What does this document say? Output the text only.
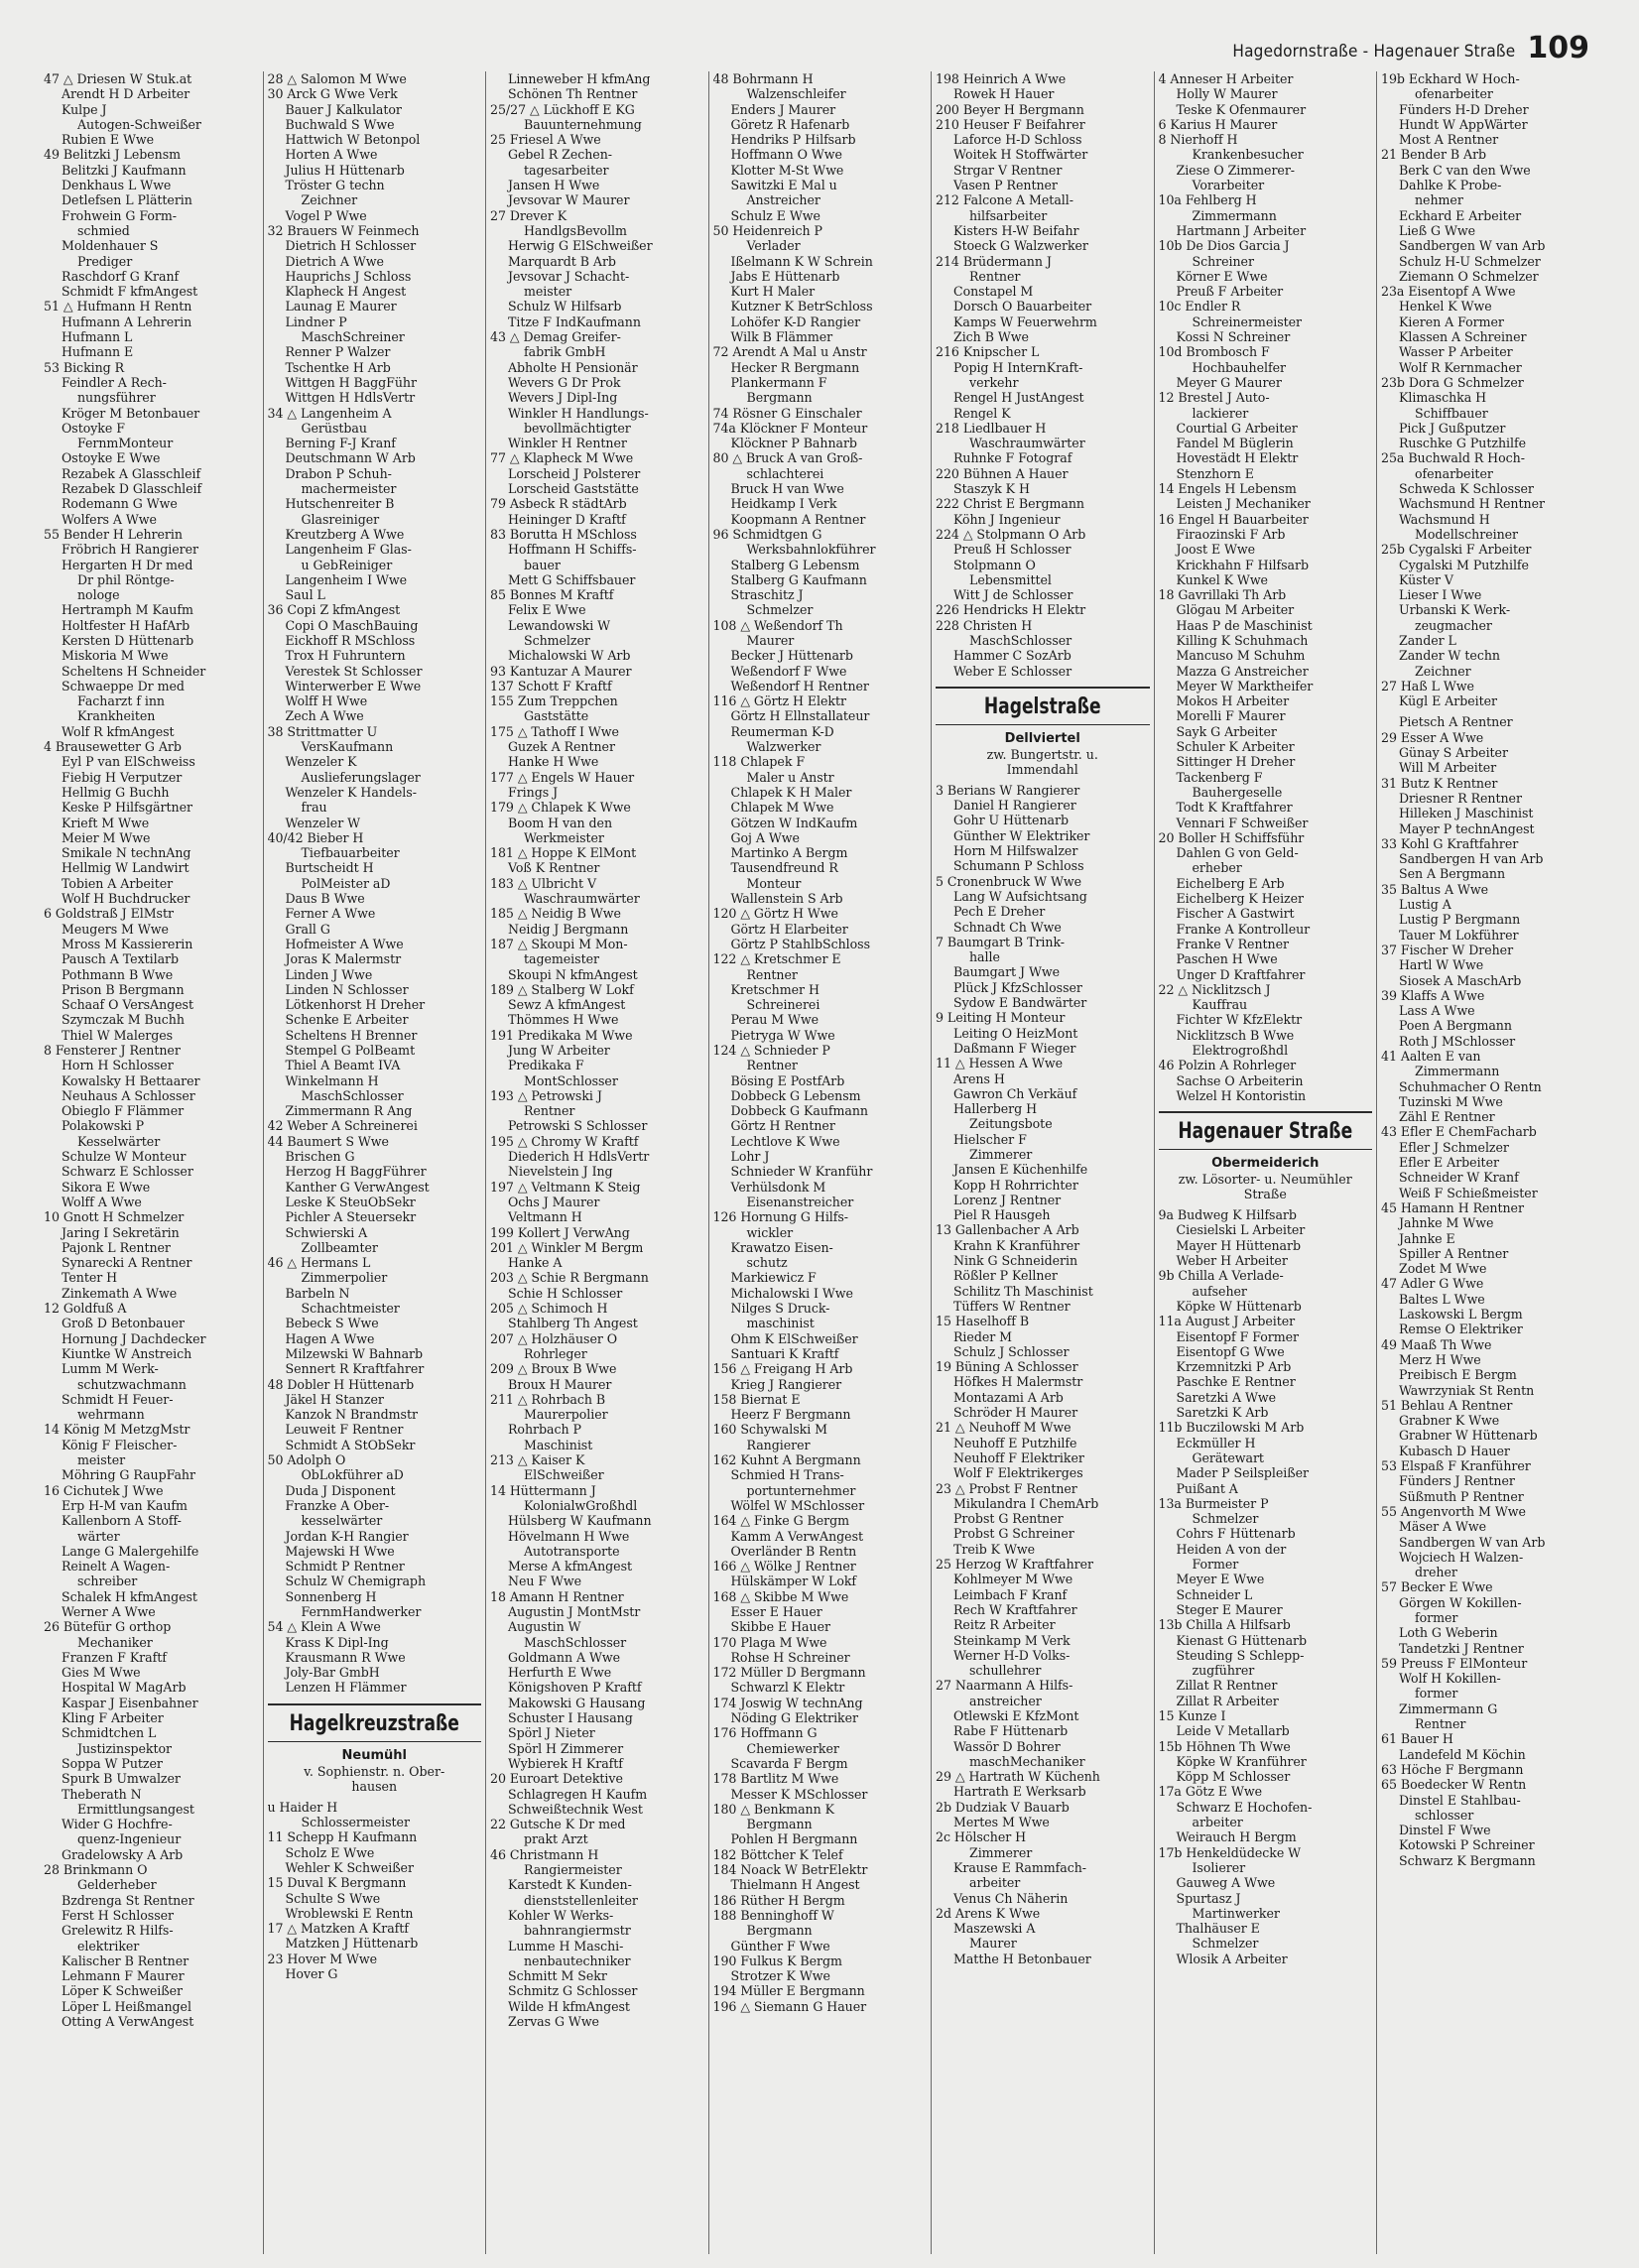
Hagedornstraße - Hagenauer Straße 109
47 △ Driesen W Stuk.at
Arendt H D Arbeiter
Kulpe J
Autogen-Schweißer
Rubien E Wwe
49 Belitzki J Lebensm
Belitzki J Kaufmann
Denkhaus L Wwe
Detlefsen L Plätterin
Frohwein G Form-
schmied
Moldenhauer S
Prediger
Raschdorf G Kranf
Schmidt F kfmAngest
51 △ Hufmann H Rentn
Hufmann A Lehrerin
Hufmann L
Hufmann E
53 Bicking R
Feindler A Rech-
nungsführer
Kröger M Betonbauer
Ostoyke F
FernmMonteur
Ostoyke E Wwe
Rezabek A Glasschleif
Rezabek D Glasschleif
Rodemann G Wwe
Wolfers A Wwe
55 Bender H Lehrerin
Fröbrich H Rangierer
Hergarten H Dr med
Dr phil Röntge-
nologe
Hertramph M Kaufm
Holtfester H HafArb
Kersten D Hüttenarb
Miskoria M Wwe
Scheltens H Schneider
Schwaeppe Dr med
Facharzt f inn
Krankheiten
Wolf R kfmAngest
4 Brausewetter G Arb
Eyl P van ElSchweiss
Fiebig H Verputzer
Hellmig G Buchh
Keske P Hilfsgärtner
Krieft M Wwe
Meier M Wwe
Smikale N technAng
Hellmig W Landwirt
Tobien A Arbeiter
Wolf H Buchdrucker
6 Goldstraß J ElMstr
Meugers M Wwe
Mross M Kassiererin
Pausch A Textilarb
Pothmann B Wwe
Prison B Bergmann
Schaaf O VersAngest
Szymczak M Buchh
Thiel W Malerges
8 Fensterer J Rentner
Horn H Schlosser
Kowalsky H Bettaarer
Neuhaus A Schlosser
Obieglo F Flämmer
Polakowski P
Kesselwärter
Schulze W Monteur
Schwarz E Schlosser
Sikora E Wwe
Wolff A Wwe
10 Gnott H Schmelzer
Jaring I Sekretärin
Pajonk L Rentner
Synarecki A Rentner
Tenter H
Zinkemath A Wwe
12 Goldfuß A
Groß D Betonbauer
Hornung J Dachdecker
Kiuntke W Anstreich
Lumm M Werk-
schutzwachmann
Schmidt H Feuer-
wehrmann
14 König M MetzgMstr
König F Fleischer-
meister
Möhring G RaupFahr
16 Cichutek J Wwe
Erp H-M van Kaufm
Kallenborn A Stoff-
wärter
Lange G Malergehilfe
Reinelt A Wagen-
schreiber
Schalek H kfmAngest
Werner A Wwe
26 Bütefür G orthop
Mechaniker
Franzen F Kraftf
Gies M Wwe
Hospital W MagArb
Kaspar J Eisenbahner
Kling F Arbeiter
Schmidtchen L
Justizinspektor
Soppa W Putzer
Spurk B Umwalzer
Theberath N
Ermittlungsangest
Wider G Hochfre-
quenz-Ingenieur
Gradelowsky A Arb
28 Brinkmann O
Gelderheber
Bzdrenga St Rentner
Ferst H Schlosser
Grelewitz R Hilfs-
elektriker
Kalischer B Rentner
Lehmann F Maurer
Löper K Schweißer
Löper L Heißmangel
Otting A VerwAngest
28 △ Salomon M Wwe
30 Arck G Wwe Verk
Bauer J Kalkulator
Buchwald S Wwe
Hattwich W Betonpol
Horten A Wwe
Julius H Hüttenarb
Tröster G techn
Zeichner
Vogel P Wwe
32 Brauers W Feinmech
Dietrich H Schlosser
Dietrich A Wwe
Hauprichs J Schloss
Klapheck H Angest
Launag E Maurer
Lindner P
MaschSchreiner
Renner P Walzer
Tschentke H Arb
Wittgen H BaggFühr
Wittgen H HdlsVertr
34 △ Langenheim A
Gerüstbau
Berning F-J Kranf
Deutschmann W Arb
Drabon P Schuh-
machermeister
Hutschenreiter B
Glasreiniger
Kreutzberg A Wwe
Langenheim F Glas-
u GebReiniger
Langenheim I Wwe
Saul L
36 Copi Z kfmAngest
Copi O MaschBauing
Eickhoff R MSchloss
Trox H Fuhruntern
Verestek St Schlosser
Winterwerber E Wwe
Wolff H Wwe
Zech A Wwe
38 Strittmatter U
VersKaufmann
Wenzeler K
Auslieferungslager
Wenzeler K Handels-
frau
Wenzeler W
40/42 Bieber H
Tiefbauarbeiter
Burtscheidt H
PolMeister aD
Daus B Wwe
Ferner A Wwe
Grall G
Hofmeister A Wwe
Joras K Malermstr
Linden J Wwe
Linden N Schlosser
Lötkenhorst H Dreher
Schenke E Arbeiter
Scheltens H Brenner
Stempel G PolBeamt
Thiel A Beamt IVA
Winkelmann H
MaschSchlosser
Zimmermann R Ang
42 Weber A Schreinerei
44 Baumert S Wwe
Brischen G
Herzog H BaggFührer
Kanther G VerwAngest
Leske K SteuObSekr
Pichler A Steuersekr
Schwierski A
Zollbeamter
46 △ Hermans L
Zimmerpolier
Barbeln N
Schachtmeister
Bebeck S Wwe
Hagen A Wwe
Milzewski W Bahnarb
Sennert R Kraftfahrer
48 Dobler H Hüttenarb
Jäkel H Stanzer
Kanzok N Brandmstr
Leuweit F Rentner
Schmidt A StObSekr
50 Adolph O
ObLokführer aD
Duda J Disponent
Franzke A Ober-
kesselwärter
Jordan K-H Rangier
Majewski H Wwe
Schmidt P Rentner
Schulz W Chemigraph
Sonnenberg H
FernmHandwerker
54 △ Klein A Wwe
Krass K Dipl-Ing
Krausmann R Wwe
Joly-Bar GmbH
Lenzen H Flämmer
Hagelkreuzstraße
Neumühl
v. Sophienstr. n. Ober-
hausen
u Haider H
Schlossermeister
11 Schepp H Kaufmann
Scholz E Wwe
Wehler K Schweißer
15 Duval K Bergmann
Schulte S Wwe
Wroblewski E Rentn
17 △ Matzken A Kraftf
Matzken J Hüttenarb
23 Hover M Wwe
Hover G
Linneweber H kfmAng
Schönen Th Rentner
25/27 △ Lückhoff E KG
Bauunternehmung
25 Friesel A Wwe
Gebel R Zechen-
tagesarbeiter
Jansen H Wwe
Jevsovar W Maurer
27 Drever K
HandlgsBevollm
Herwig G ElSchweißer
Marquardt B Arb
Jevsovar J Schacht-
meister
Schulz W Hilfsarb
Titze F IndKaufmann
43 △ Demag Greifer-
fabrik GmbH
Abholte H Pensionär
Wevers G Dr Prok
Wevers J Dipl-Ing
Winkler H Handlungs-
bevollmächtigter
Winkler H Rentner
77 △ Klapheck M Wwe
Lorscheid J Polsterer
Lorscheid Gaststätte
79 Asbeck R städtArb
Heininger D Kraftf
83 Borutta H MSchloss
Hoffmann H Schiffs-
bauer
Mett G Schiffsbauer
85 Bonnes M Kraftf
Felix E Wwe
Lewandowski W
Schmelzer
Michalowski W Arb
93 Kantuzar A Maurer
137 Schott F Kraftf
155 Zum Treppchen
Gaststätte
175 △ Tathoff I Wwe
Guzek A Rentner
Hanke H Wwe
177 △ Engels W Hauer
Frings J
179 △ Chlapek K Wwe
Boom H van den
Werkmeister
181 △ Hoppe K ElMont
Voß K Rentner
183 △ Ulbricht V
Waschraumwärter
185 △ Neidig B Wwe
Neidig J Bergmann
187 △ Skoupi M Mon-
tagemeister
Skoupi N kfmAngest
189 △ Stalberg W Lokf
Sewz A kfmAngest
Thömmes H Wwe
191 Predikaka M Wwe
Jung W Arbeiter
Predikaka F
MontSchlosser
193 △ Petrowski J
Rentner
Petrowski S Schlosser
195 △ Chromy W Kraftf
Diederich H HdlsVertr
Nievelstein J Ing
197 △ Veltmann K Steig
Ochs J Maurer
Veltmann H
199 Kollert J VerwAng
201 △ Winkler M Bergm
Hanke A
203 △ Schie R Bergmann
Schie H Schlosser
205 △ Schimoch H
Stahlberg Th Angest
207 △ Holzhäuser O
Rohrleger
209 △ Broux B Wwe
Broux H Maurer
211 △ Rohrbach B
Maurerpolier
Rohrbach P
Maschinist
213 △ Kaiser K
ElSchweißer
14 Hüttermann J
KolonialwGroßhdl
Hülsberg W Kaufmann
Hövelmann H Wwe
Autotransporte
Merse A kfmAngest
Neu F Wwe
18 Amann H Rentner
Augustin J MontMstr
Augustin W
MaschSchlosser
Goldmann A Wwe
Herfurth E Wwe
Königshoven P Kraftf
Makowski G Hausang
Schuster I Hausang
Spörl J Nieter
Spörl H Zimmerer
Wybierek H Kraftf
20 Euroart Detektive
Schlagregen H Kaufm
Schweißtechnik West
22 Gutsche K Dr med
prakt Arzt
46 Christmann H
Rangiermeister
Karstedt K Kunden-
dienststellenleiter
Kohler W Werks-
bahnrangiermstr
Lumme H Maschi-
nenbautechniker
Schmitt M Sekr
Schmitz G Schlosser
Wilde H kfmAngest
Zervas G Wwe
48 Bohrmann H
Walzenschleifer
Enders J Maurer
Göretz R Hafenarb
Hendriks P Hilfsarb
Hoffmann O Wwe
Klotter M-St Wwe
Sawitzki E Mal u
Anstreicher
Schulz E Wwe
50 Heidenreich P
Verlader
Ißelmann K W Schrein
Jabs E Hüttenarb
Kurt H Maler
Kutzner K BetrSchloss
Lohöfer K-D Rangier
Wilk B Flämmer
72 Arendt A Mal u Anstr
Hecker R Bergmann
Plankermann F
Bergmann
74 Rösner G Einschaler
74a Klöckner F Monteur
Klöckner P Bahnarb
80 △ Bruck A van Groß-
schlachterei
Bruck H van Wwe
Heidkamp I Verk
Koopmann A Rentner
96 Schmidtgen G
Werksbahnlokführer
Stalberg G Lebensm
Stalberg G Kaufmann
Straschitz J
Schmelzer
108 △ Weßendorf Th
Maurer
Becker J Hüttenarb
Weßendorf F Wwe
Weßendorf H Rentner
116 △ Görtz H Elektr
Görtz H Ellnstallateur
Reumerman K-D
Walzwerker
118 Chlapek F
Maler u Anstr
Chlapek K H Maler
Chlapek M Wwe
Götzen W IndKaufm
Goj A Wwe
Martinko A Bergm
Tausendfreund R
Monteur
Wallenstein S Arb
120 △ Görtz H Wwe
Görtz H Elarbeiter
Görtz P StahlbSchloss
122 △ Kretschmer E
Rentner
Kretschmer H
Schreinerei
Perau M Wwe
Pietryga W Wwe
124 △ Schnieder P
Rentner
Bösing E PostfArb
Dobbeck G Lebensm
Dobbeck G Kaufmann
Görtz H Rentner
Lechtlove K Wwe
Lohr J
Schnieder W Kranführ
Verhülsdonk M
Eisenanstreicher
126 Hornung G Hilfs-
wickler
Krawatzo Eisen-
schutz
Markiewicz F
Michalowski I Wwe
Nilges S Druck-
maschinist
Ohm K ElSchweißer
Santuari K Kraftf
156 △ Freigang H Arb
Krieg J Rangierer
158 Biernat E
Heerz F Bergmann
160 Schywalski M
Rangierer
162 Kuhnt A Bergmann
Schmied H Trans-
portunternehmer
Wölfel W MSchlosser
164 △ Finke G Bergm
Kamm A VerwAngest
Overländer B Rentn
166 △ Wölke J Rentner
Hülskämper W Lokf
168 △ Skibbe M Wwe
Esser E Hauer
Skibbe E Hauer
170 Plaga M Wwe
Rohse H Schreiner
172 Müller D Bergmann
Schwarzl K Elektr
174 Joswig W technAng
Nöding G Elektriker
176 Hoffmann G
Chemiewerker
Scavarda F Bergm
178 Bartlitz M Wwe
Messer K MSchlosser
180 △ Benkmann K
Bergmann
Pohlen H Bergmann
182 Böttcher K Telef
184 Noack W BetrElektr
Thielmann H Angest
186 Rüther H Bergm
188 Benninghoff W
Bergmann
Günther F Wwe
190 Fulkus K Bergm
Strotzer K Wwe
194 Müller E Bergmann
196 △ Siemann G Hauer
198 Heinrich A Wwe
Rowek H Hauer
200 Beyer H Bergmann
210 Heuser F Beifahrer
Laforce H-D Schloss
Woitek H Stoffwärter
Strgar V Rentner
Vasen P Rentner
212 Falcone A Metall-
hilfsarbeiter
Kisters H-W Beifahr
Stoeck G Walzwerker
214 Brüdermann J
Rentner
Constapel M
Dorsch O Bauarbeiter
Kamps W Feuerwehrm
Zich B Wwe
216 Knipscher L
Popig H InternKraft-
verkehr
Rengel H JustAngest
Rengel K
218 Liedlbauer H
Waschraumwärter
Ruhnke F Fotograf
220 Bühnen A Hauer
Staszyk K H
222 Christ E Bergmann
Köhn J Ingenieur
224 △ Stolpmann O Arb
Preuß H Schlosser
Stolpmann O
Lebensmittel
Witt J de Schlosser
226 Hendricks H Elektr
228 Christen H
MaschSchlosser
Hammer C SozArb
Weber E Schlosser
Hagelstraße
Dellviertel
zw. Bungertstr. u.
Immendahl
3 Berians W Rangierer
Daniel H Rangierer
Gohr U Hüttenarb
Günther W Elektriker
Horn M Hilfswalzer
Schumann P Schloss
5 Cronenbruck W Wwe
Lang W Aufsichtsang
Pech E Dreher
Schnadt Ch Wwe
7 Baumgart B Trink-
halle
Baumgart J Wwe
Plück J KfzSchlosser
Sydow E Bandwärter
9 Leiting H Monteur
Leiting O HeizMont
Daßmann F Wieger
11 △ Hessen A Wwe
Arens H
Gawron Ch Verkäuf
Hallerberg H
Zeitungsbote
Hielscher F
Zimmerer
Jansen E Küchenhilfe
Kopp H Rohrrichter
Lorenz J Rentner
Piel R Hausgeh
13 Gallenbacher A Arb
Krahn K Kranführer
Nink G Schneiderin
Rößler P Kellner
Schilitz Th Maschinist
Tüffers W Rentner
15 Haselhoff B
Rieder M
Schulz J Schlosser
19 Büning A Schlosser
Höfkes H Malermstr
Montazami A Arb
Schröder H Maurer
21 △ Neuhoff M Wwe
Neuhoff E Putzhilfe
Neuhoff F Elektriker
Wolf F Elektrikerges
23 △ Probst F Rentner
Mikulandra I ChemArb
Probst G Rentner
Probst G Schreiner
Treib K Wwe
25 Herzog W Kraftfahrer
Kohlmeyer M Wwe
Leimbach F Kranf
Rech W Kraftfahrer
Reitz R Arbeiter
Steinkamp M Verk
Werner H-D Volks-
schullehrer
27 Naarmann A Hilfs-
anstreicher
Otlewski E KfzMont
Rabe F Hüttenarb
Wassör D Bohrer
maschMechaniker
29 △ Hartrath W Küchenh
Hartrath E Werksarb
2b Dudziak V Bauarb
Mertes M Wwe
2c Hölscher H
Zimmerer
Krause E Rammfach-
arbeiter
Venus Ch Näherin
2d Arens K Wwe
Maszewski A
Maurer
Matthe H Betonbauer
4 Anneser H Arbeiter
Holly W Maurer
Teske K Ofenmaurer
6 Karius H Maurer
8 Nierhoff H
Krankenbesucher
Ziese O Zimmerer-
Vorarbeiter
10a Fehlberg H
Zimmermann
Hartmann J Arbeiter
10b De Dios Garcia J
Schreiner
Körner E Wwe
Preuß F Arbeiter
10c Endler R
Schreinermeister
Kossi N Schreiner
10d Brombosch F
Hochbauhelfer
Meyer G Maurer
12 Brestel J Auto-
lackierer
Courtial G Arbeiter
Fandel M Büglerin
Hovestädt H Elektr
Stenzhorn E
14 Engels H Lebensm
Leisten J Mechaniker
16 Engel H Bauarbeiter
Firaozinski F Arb
Joost E Wwe
Krickhahn F Hilfsarb
Kunkel K Wwe
18 Gavrillaki Th Arb
Glögau M Arbeiter
Haas P de Maschinist
Killing K Schuhmach
Mancuso M Schuhm
Mazza G Anstreicher
Meyer W Marktheifer
Mokos H Arbeiter
Morelli F Maurer
Sayk G Arbeiter
Schuler K Arbeiter
Sittinger H Dreher
Tackenberg F
Bauhergeselle
Todt K Kraftfahrer
Vennari F Schweißer
20 Boller H Schiffsführ
Dahlen G von Geld-
erheber
Eichelberg E Arb
Eichelberg K Heizer
Fischer A Gastwirt
Franke A Kontrolleur
Franke V Rentner
Paschen H Wwe
Unger D Kraftfahrer
22 △ Nicklitzsch J
Kauffrau
Fichter W KfzElektr
Nicklitzsch B Wwe
Elektrogroßhdl
46 Polzin A Rohrleger
Sachse O Arbeiterin
Welzel H Kontoristin
Hagenauer Straße
Obermeiderich
zw. Lösorter- u. Neumühler
Straße
9a Budweg K Hilfsarb
Ciesielski L Arbeiter
Mayer H Hüttenarb
Weber H Arbeiter
9b Chilla A Verlade-
aufseher
Köpke W Hüttenarb
11a August J Arbeiter
Eisentopf F Former
Eisentopf G Wwe
Krzemnitzki P Arb
Paschke E Rentner
Saretzki A Wwe
Saretzki K Arb
11b Buczilowski M Arb
Eckmüller H
Gerätewart
Mader P Seilspleißer
Puißant A
13a Burmeister P
Schmelzer
Cohrs F Hüttenarb
Heiden A von der
Former
Meyer E Wwe
Schneider L
Steger E Maurer
13b Chilla A Hilfsarb
Kienast G Hüttenarb
Steuding S Schlepp-
zugführer
Zillat R Rentner
Zillat R Arbeiter
15 Kunze I
Leide V Metallarb
15b Höhnen Th Wwe
Köpke W Kranführer
Köpp M Schlosser
17a Götz E Wwe
Schwarz E Hochofen-
arbeiter
Weirauch H Bergm
17b Henkeldüdecke W
Isolierer
Gauweg A Wwe
Spurtasz J
Martinwerker
Thalhäuser E
Schmelzer
Wlosik A Arbeiter
19b Eckhard W Hoch-
ofenarbeiter
Fünders H-D Dreher
Hundt W AppWärter
Most A Rentner
21 Bender B Arb
Berk C van den Wwe
Dahlke K Probe-
nehmer
Eckhard E Arbeiter
Ließ G Wwe
Sandbergen W van Arb
Schulz H-U Schmelzer
Ziemann O Schmelzer
23a Eisentopf A Wwe
Henkel K Wwe
Kieren A Former
Klassen A Schreiner
Wasser P Arbeiter
Wolf R Kernmacher
23b Dora G Schmelzer
Klimaschka H
Schiffbauer
Pick J Gußputzer
Ruschke G Putzhilfe
25a Buchwald R Hoch-
ofenarbeiter
Schweda K Schlosser
Wachsmund H Rentner
Wachsmund H
Modellschreiner
25b Cygalski F Arbeiter
Cygalski M Putzhilfe
Küster V
Lieser I Wwe
Urbanski K Werk-
zeugmacher
Zander L
Zander W techn
Zeichner
27 Haß L Wwe
Kügl E Arbeiter
Pietsch A Rentner
29 Esser A Wwe
Günay S Arbeiter
Will M Arbeiter
31 Butz K Rentner
Driesner R Rentner
Hilleken J Maschinist
Mayer P technAngest
33 Kohl G Kraftfahrer
Sandbergen H van Arb
Sen A Bergmann
35 Baltus A Wwe
Lustig A
Lustig P Bergmann
Tauer M Lokführer
37 Fischer W Dreher
Hartl W Wwe
Siosek A MaschArb
39 Klaffs A Wwe
Lass A Wwe
Poen A Bergmann
Roth J MSchlosser
41 Aalten E van
Zimmermann
Schuhmacher O Rentn
Tuzinski M Wwe
Zähl E Rentner
43 Efler E ChemFacharb
Efler J Schmelzer
Efler E Arbeiter
Schneider W Kranf
Weiß F Schießmeister
45 Hamann H Rentner
Jahnke M Wwe
Jahnke E
Spiller A Rentner
Zodet M Wwe
47 Adler G Wwe
Baltes L Wwe
Laskowski L Bergm
Remse O Elektriker
49 Maaß Th Wwe
Merz H Wwe
Preibisch E Bergm
Wawrzyniak St Rentn
51 Behlau A Rentner
Grabner K Wwe
Grabner W Hüttenarb
Kubasch D Hauer
53 Elspaß F Kranführer
Fünders J Rentner
Süßmuth P Rentner
55 Angenvorth M Wwe
Mäser A Wwe
Sandbergen W van Arb
Wojciech H Walzen-
dreher
57 Becker E Wwe
Görgen W Kokillen-
former
Loth G Weberin
Tandetzki J Rentner
59 Preuss F ElMonteur
Wolf H Kokillen-
former
Zimmermann G
Rentner
61 Bauer H
Landefeld M Köchin
63 Höche F Bergmann
65 Boedecker W Rentn
Dinstel E Stahlbau-
schlosser
Dinstel F Wwe
Kotowski P Schreiner
Schwarz K Bergmann
